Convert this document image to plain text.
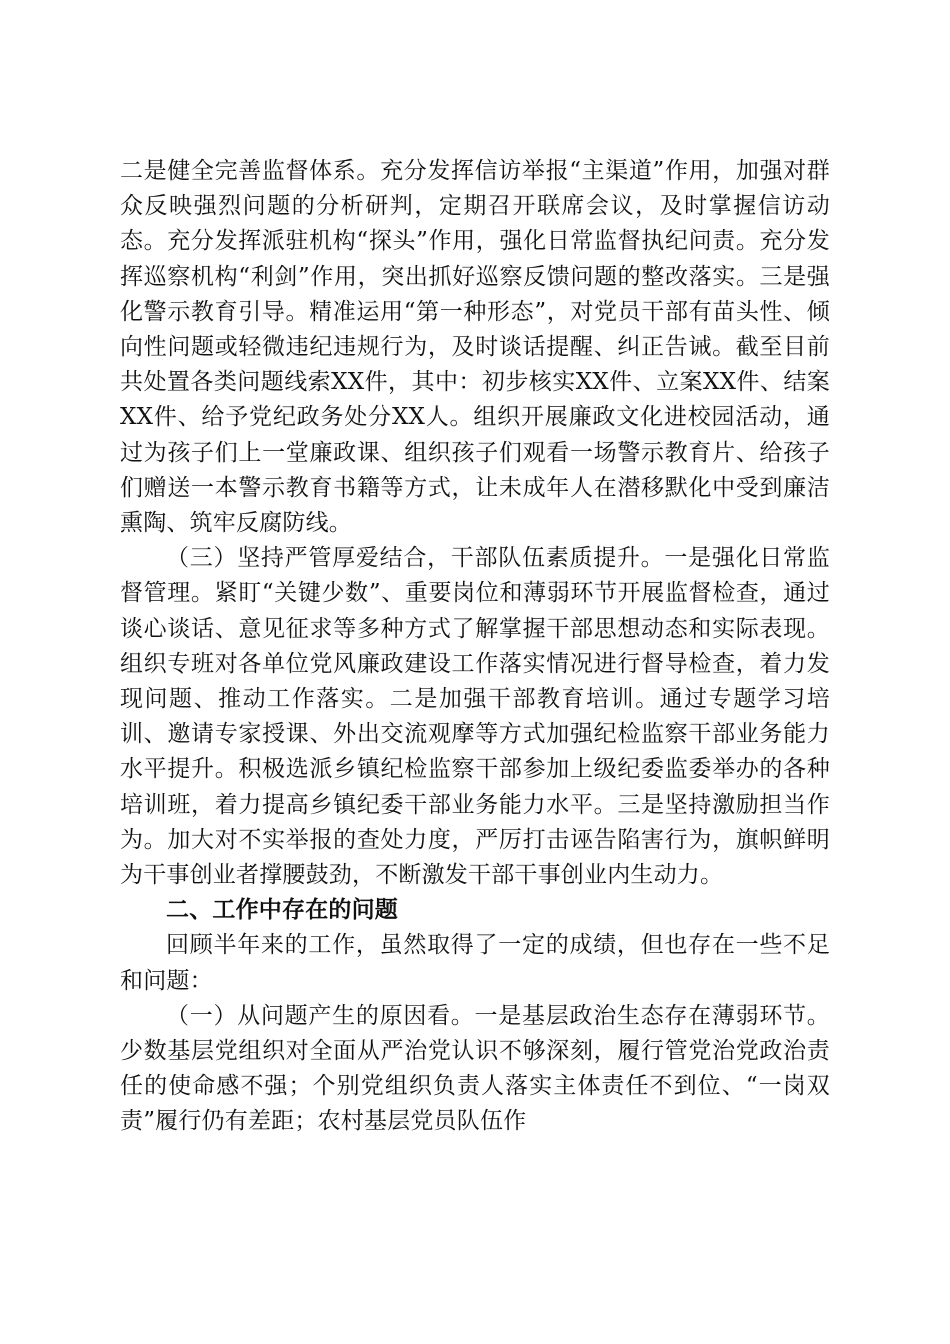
二是健全完善监督体系。充分发挥信访举报“主渠道”作用，加强对群众反映强烈问题的分析研判，定期召开联席会议，及时掌握信访动态。充分发挥派驻机构“探头”作用，强化日常监督执纪问责。充分发挥巡察机构“利剑”作用，突出抓好巡察反馈问题的整改落实。三是强化警示教育引导。精准运用“第一种形态”，对党员干部有苗头性、倾向性问题或轻微违纪违规行为，及时谈话提醒、纠正告诫。截至目前共处置各类问题线索XX件，其中：初步核实XX件、立案XX件、结案XX件、给予党纪政务处分XX人。组织开展廉政文化进校园活动，通过为孩子们上一堂廉政课、组织孩子们观看一场警示教育片、给孩子们赠送一本警示教育书籍等方式，让未成年人在潜移默化中受到廉洁熏陶、筑牢反腐防线。

（三）坚持严管厚爱结合，干部队伍素质提升。一是强化日常监督管理。紧盯“关键少数”、重要岗位和薄弱环节开展监督检查，通过谈心谈话、意见征求等多种方式了解掌握干部思想动态和实际表现。组织专班对各单位党风廉政建设工作落实情况进行督导检查，着力发现问题、推动工作落实。二是加强干部教育培训。通过专题学习培训、邀请专家授课、外出交流观摩等方式加强纪检监察干部业务能力水平提升。积极选派乡镇纪检监察干部参加上级纪委监委举办的各种培训班，着力提高乡镇纪委干部业务能力水平。三是坚持激励担当作为。加大对不实举报的查处力度，严厉打击诬告陷害行为，旗帜鲜明为干事创业者撑腰鼓劲，不断激发干部干事创业内生动力。

二、工作中存在的问题

回顾半年来的工作，虽然取得了一定的成绩，但也存在一些不足和问题：

（一）从问题产生的原因看。一是基层政治生态存在薄弱环节。少数基层党组织对全面从严治党认识不够深刻，履行管党治党政治责任的使命感不强；个别党组织负责人落实主体责任不到位、“一岗双责”履行仍有差距；农村基层党员队伍作
